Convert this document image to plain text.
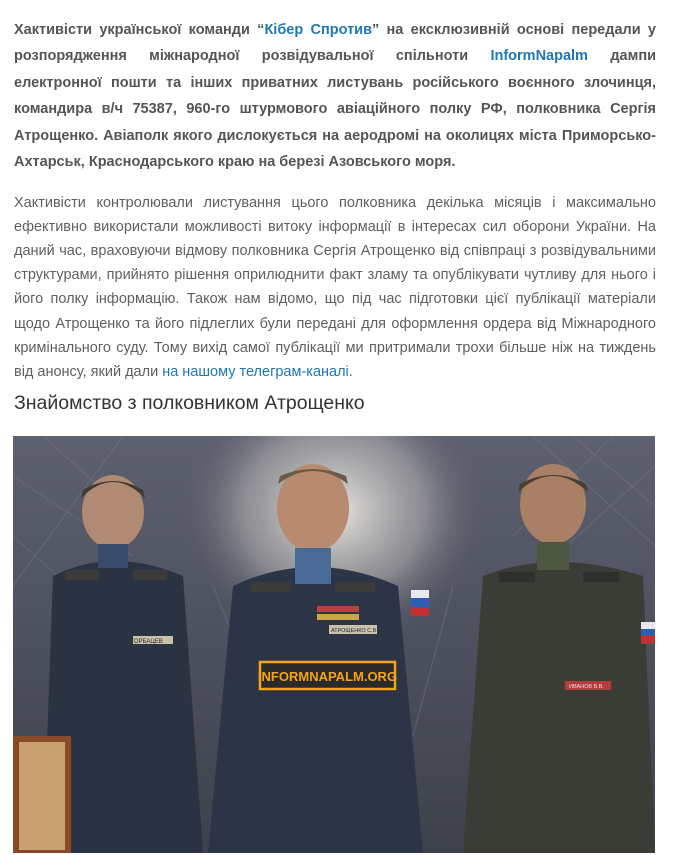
Хактивісти української команди “Кібер Спротив” на ексклюзивній основі передали у розпорядження міжнародної розвідувальної спільноти InformNapalm дампи електронної пошти та інших приватних листувань російського воєнного злочинця, командира в/ч 75387, 960-го штурмового авіаційного полку РФ, полковника Сергія Атрощенко. Авіаполк якого дислокується на аеродромі на околицях міста Приморсько-Ахтарськ, Краснодарського краю на березі Азовського моря.

Хактивісти контролювали листування цього полковника декілька місяців і максимально ефективно використали можливості витоку інформації в інтересах сил оборони України. На даний час, враховуючи відмову полковника Сергія Атрощенко від співпраці з розвідувальними структурами, прийнято рішення оприлюднити факт зламу та опублікувати чутливу для нього і його полку інформацію. Також нам відомо, що під час підготовки цієї публікації матеріали щодо Атрощенко та його підлеглих були передані для оформлення ордера від Міжнародного кримінального суду. Тому вихід самої публікації ми притримали трохи більше ніж на тиждень від анонсу, який дали на нашому телеграм-каналі.

Знайомство з полковником Атрощенко
ГОРБАЦЕВ
АТРОЩЕНКО С.В.
ИВАНОВ В.В.
INFORMNAPALM.ORG
